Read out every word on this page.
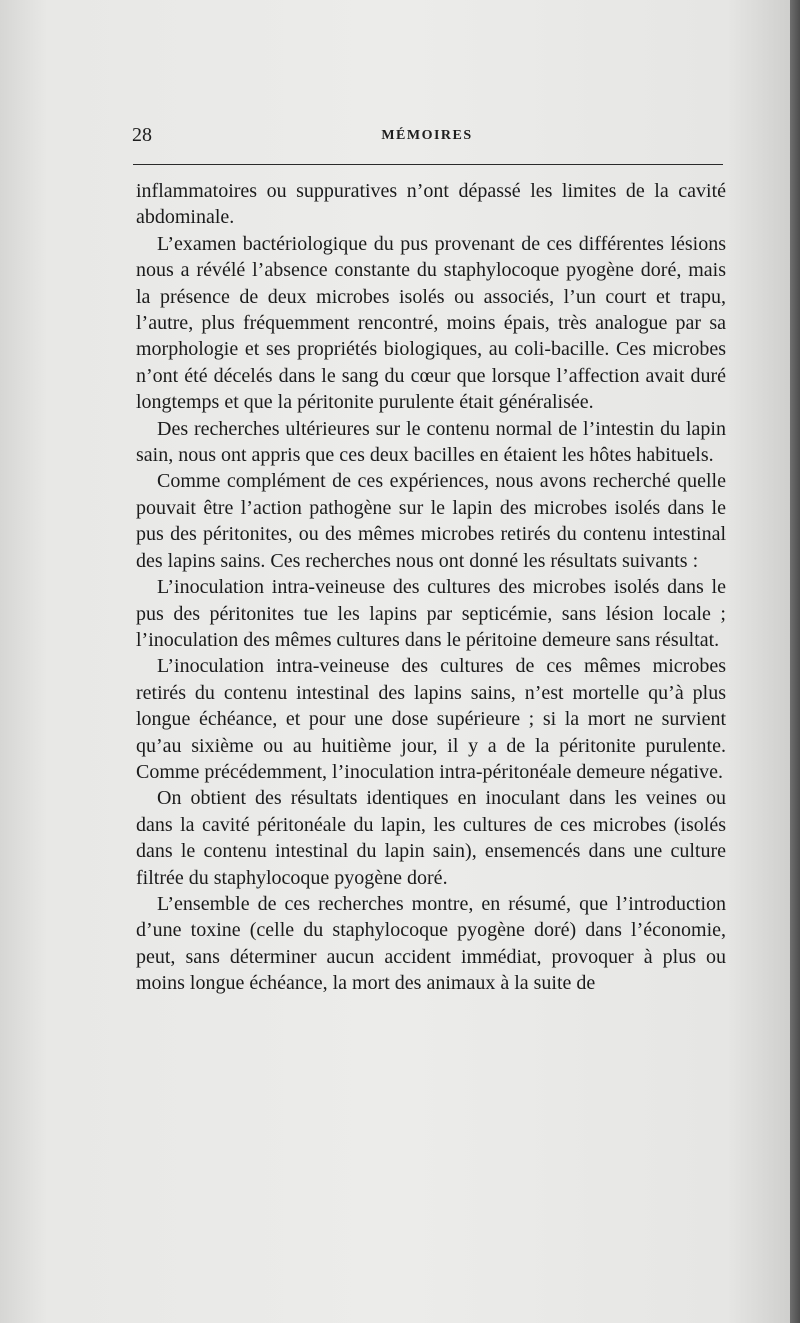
28	MÉMOIRES

inflammatoires ou suppuratives n’ont dépassé les limites de la cavité abdominale.

L’examen bactériologique du pus provenant de ces différentes lésions nous a révélé l’absence constante du staphylocoque pyogène doré, mais la présence de deux microbes isolés ou associés, l’un court et trapu, l’autre, plus fréquemment rencontré, moins épais, très analogue par sa morphologie et ses propriétés biologiques, au coli-bacille. Ces microbes n’ont été décelés dans le sang du cœur que lorsque l’affection avait duré longtemps et que la péritonite purulente était généralisée.

Des recherches ultérieures sur le contenu normal de l’intestin du lapin sain, nous ont appris que ces deux bacilles en étaient les hôtes habituels.

Comme complément de ces expériences, nous avons recherché quelle pouvait être l’action pathogène sur le lapin des microbes isolés dans le pus des péritonites, ou des mêmes microbes retirés du contenu intestinal des lapins sains. Ces recherches nous ont donné les résultats suivants :

L’inoculation intra-veineuse des cultures des microbes isolés dans le pus des péritonites tue les lapins par septicémie, sans lésion locale ; l’inoculation des mêmes cultures dans le péritoine demeure sans résultat.

L’inoculation intra-veineuse des cultures de ces mêmes microbes retirés du contenu intestinal des lapins sains, n’est mortelle qu’à plus longue échéance, et pour une dose supérieure ; si la mort ne survient qu’au sixième ou au huitième jour, il y a de la péritonite purulente. Comme précédemment, l’inoculation intra-péritonéale demeure négative.

On obtient des résultats identiques en inoculant dans les veines ou dans la cavité péritonéale du lapin, les cultures de ces microbes (isolés dans le contenu intestinal du lapin sain), ensemencés dans une culture filtrée du staphylocoque pyogène doré.

L’ensemble de ces recherches montre, en résumé, que l’introduction d’une toxine (celle du staphylocoque pyogène doré) dans l’économie, peut, sans déterminer aucun accident immédiat, provoquer à plus ou moins longue échéance, la mort des animaux à la suite de
